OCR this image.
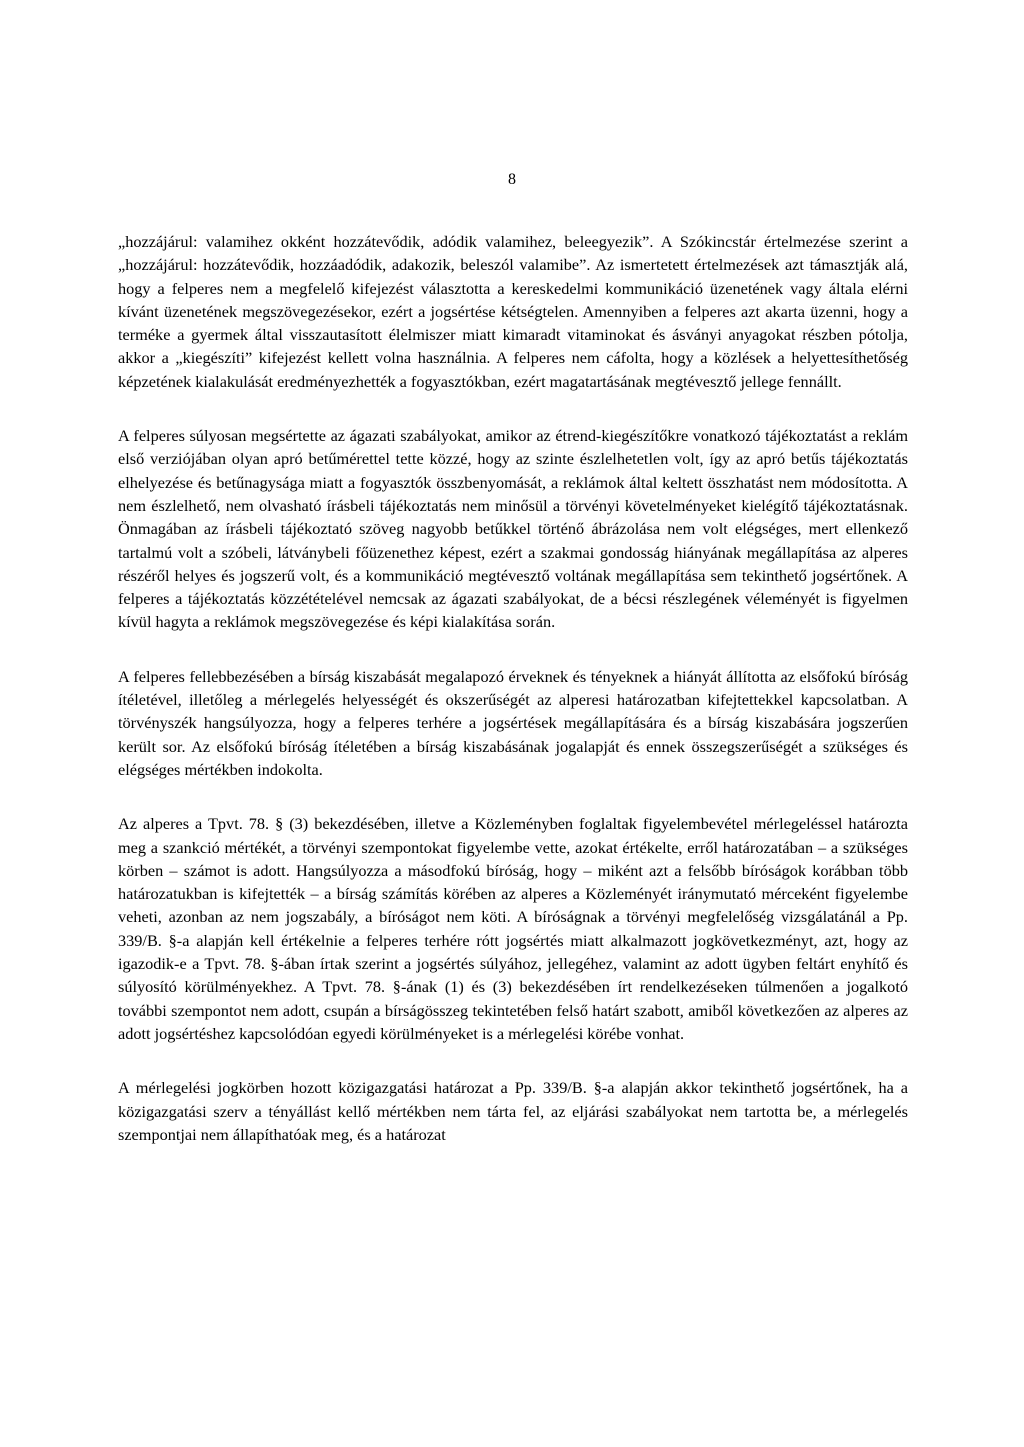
8

„hozzájárul: valamihez okként hozzátevődik, adódik valamihez, beleegyezik”. A Szókincstár értelmezése szerint a „hozzájárul: hozzátevődik, hozzáadódik, adakozik, beleszól valamibe”. Az ismertetett értelmezések azt támasztják alá, hogy a felperes nem a megfelelő kifejezést választotta a kereskedelmi kommunikáció üzenetének vagy általa elérni kívánt üzenetének megszövegezésekor, ezért a jogsértése kétségtelen. Amennyiben a felperes azt akarta üzenni, hogy a terméke a gyermek által visszautasított élelmiszer miatt kimaradt vitaminokat és ásványi anyagokat részben pótolja, akkor a „kiegészíti” kifejezést kellett volna használnia. A felperes nem cáfolta, hogy a közlések a helyettesíthetőség képzetének kialakulását eredményezhették a fogyasztókban, ezért magatartásának megtévesztő jellege fennállt.

A felperes súlyosan megsértette az ágazati szabályokat, amikor az étrend-kiegészítőkre vonatkozó tájékoztatást a reklám első verziójában olyan apró betűmérettel tette közzé, hogy az szinte észlelhetetlen volt, így az apró betűs tájékoztatás elhelyezése és betűnagysága miatt a fogyasztók összbenyomását, a reklámok által keltett összhatást nem módosította. A nem észlelhető, nem olvasható írásbeli tájékoztatás nem minősül a törvényi követelményeket kielégítő tájékoztatásnak. Önmagában az írásbeli tájékoztató szöveg nagyobb betűkkel történő ábrázolása nem volt elégséges, mert ellenkező tartalmú volt a szóbeli, látványbeli főüzenethez képest, ezért a szakmai gondosság hiányának megállapítása az alperes részéről helyes és jogszerű volt, és a kommunikáció megtévesztő voltának megállapítása sem tekinthető jogsértőnek. A felperes a tájékoztatás közzétételével nemcsak az ágazati szabályokat, de a bécsi részlegének véleményét is figyelmen kívül hagyta a reklámok megszövegezése és képi kialakítása során.

A felperes fellebbezésében a bírság kiszabását megalapozó érveknek és tényeknek a hiányát állította az elsőfokú bíróság ítéletével, illetőleg a mérlegelés helyességét és okszerűségét az alperesi határozatban kifejtettekkel kapcsolatban. A törvényszék hangsúlyozza, hogy a felperes terhére a jogsértések megállapítására és a bírság kiszabására jogszerűen került sor. Az elsőfokú bíróság ítéletében a bírság kiszabásának jogalapját és ennek összegszerűségét a szükséges és elégséges mértékben indokolta.

Az alperes a Tpvt. 78. § (3) bekezdésében, illetve a Közleményben foglaltak figyelembevétel mérlegeléssel határozta meg a szankció mértékét, a törvényi szempontokat figyelembe vette, azokat értékelte, erről határozatában – a szükséges körben – számot is adott. Hangsúlyozza a másodfokú bíróság, hogy – miként azt a felsőbb bíróságok korábban több határozatukban is kifejtették – a bírság számítás körében az alperes a Közleményét iránymutató mérceként figyelembe veheti, azonban az nem jogszabály, a bíróságot nem köti. A bíróságnak a törvényi megfelelőség vizsgálatánál a Pp. 339/B. §-a alapján kell értékelnie a felperes terhére rótt jogsértés miatt alkalmazott jogkövetkezményt, azt, hogy az igazodik-e a Tpvt. 78. §-ában írtak szerint a jogsértés súlyához, jellegéhez, valamint az adott ügyben feltárt enyhítő és súlyosító körülményekhez. A Tpvt. 78. §-ának (1) és (3) bekezdésében írt rendelkezéseken túlmenően a jogalkotó további szempontot nem adott, csupán a bírságösszeg tekintetében felső határt szabott, amiből következően az alperes az adott jogsértéshez kapcsolódóan egyedi körülményeket is a mérlegelési körébe vonhat.

A mérlegelési jogkörben hozott közigazgatási határozat a Pp. 339/B. §-a alapján akkor tekinthető jogsértőnek, ha a közigazgatási szerv a tényállást kellő mértékben nem tárta fel, az eljárási szabályokat nem tartotta be, a mérlegelés szempontjai nem állapíthatóak meg, és a határozat
